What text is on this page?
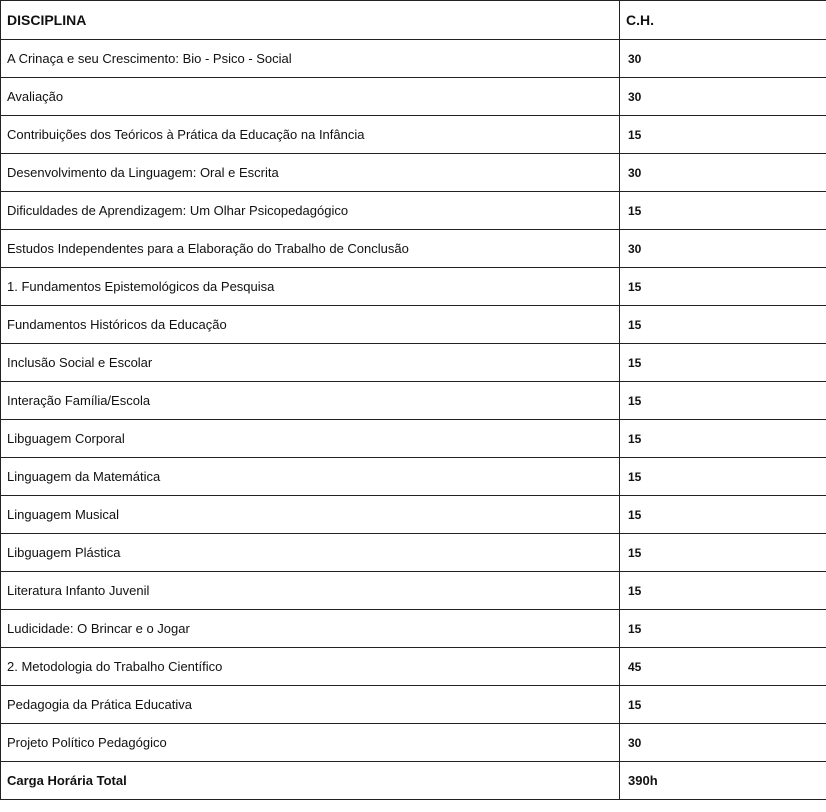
DISCIPLINA	C.H.
A Crinaça e seu Crescimento: Bio - Psico - Social	30
Avaliação	30
Contribuições dos Teóricos à Prática da Educação na Infância	15
Desenvolvimento da Linguagem: Oral e Escrita	30
Dificuldades de Aprendizagem: Um Olhar Psicopedagógico	15
Estudos Independentes para a Elaboração do Trabalho de Conclusão	30
1. Fundamentos Epistemológicos da Pesquisa	15
Fundamentos Históricos da Educação	15
Inclusão Social e Escolar	15
Interação Família/Escola	15
Libguagem Corporal	15
Linguagem da Matemática	15
Linguagem Musical	15
Libguagem Plástica	15
Literatura Infanto Juvenil	15
Ludicidade: O Brincar e o Jogar	15
2. Metodologia do Trabalho Científico	45
Pedagogia da Prática Educativa	15
Projeto Político Pedagógico	30
Carga Horária Total	390h
